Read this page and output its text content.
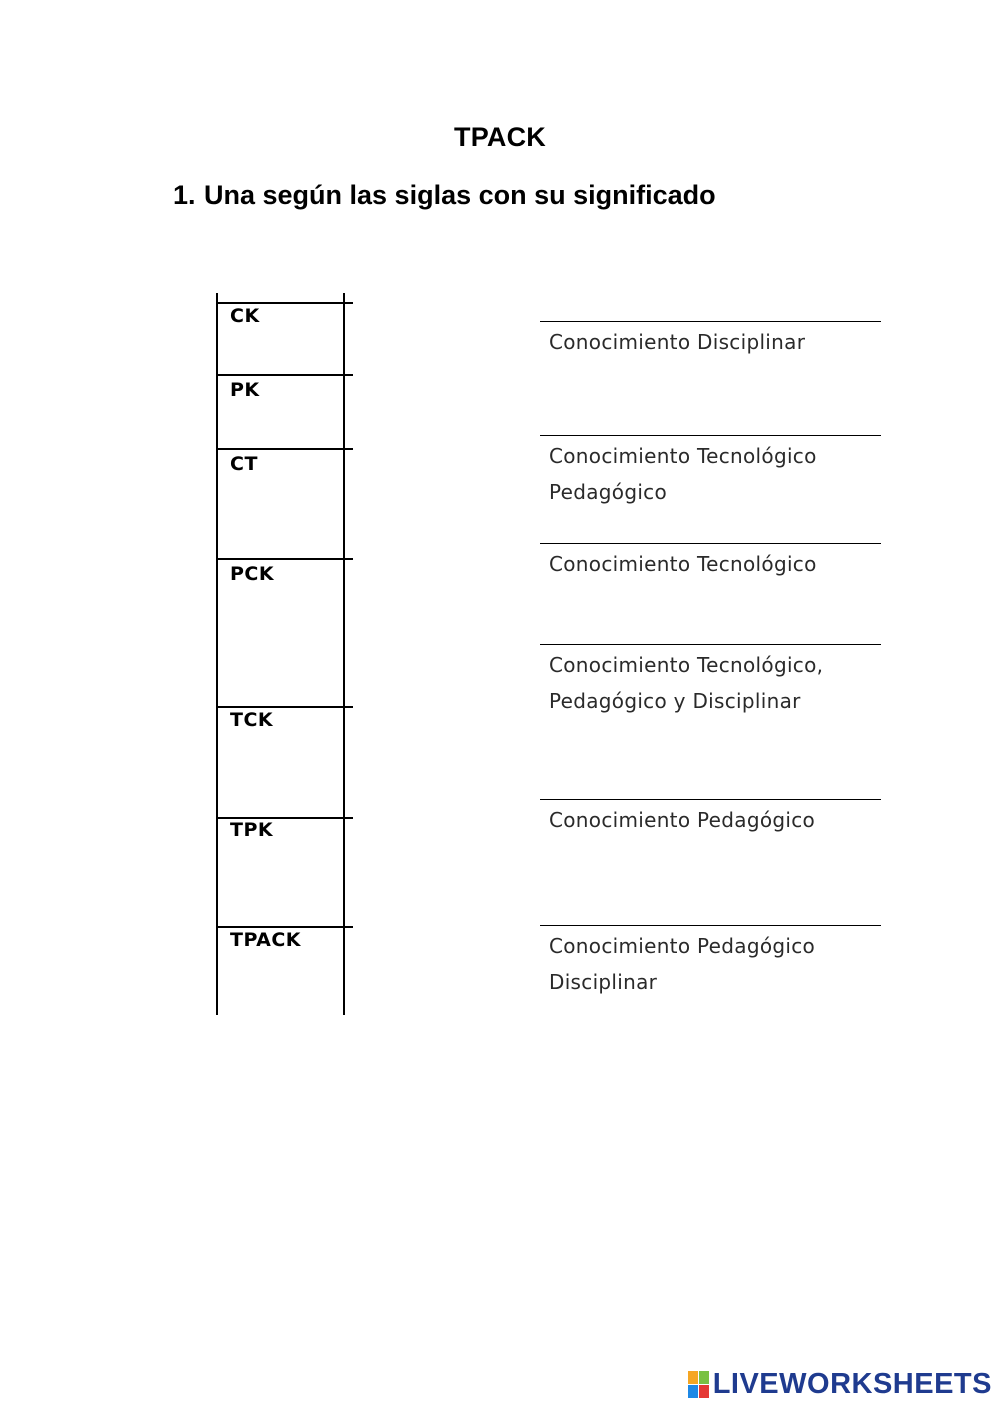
TPACK
1. Una según las siglas con su significado
CK
PK
CT
PCK
TCK
TPK
TPACK
Conocimiento Disciplinar
Conocimiento Tecnológico
Pedagógico
Conocimiento Tecnológico
Conocimiento Tecnológico,
Pedagógico y Disciplinar
Conocimiento Pedagógico
Conocimiento Pedagógico
Disciplinar
LIVEWORKSHEETS
